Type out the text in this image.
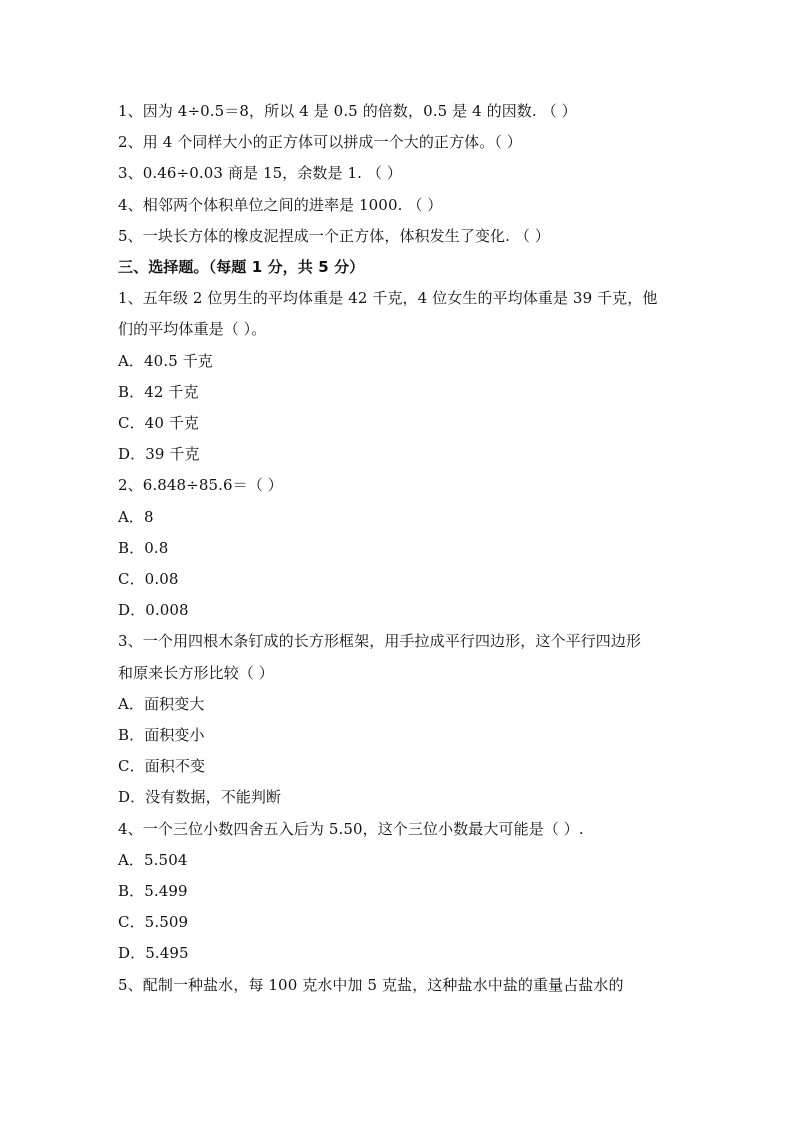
1、因为 4÷0.5＝8，所以 4 是 0.5 的倍数，0.5 是 4 的因数. （ ）
2、用 4 个同样大小的正方体可以拼成一个大的正方体。（ ）
3、0.46÷0.03 商是 15，余数是 1. （ ）
4、相邻两个体积单位之间的进率是 1000. （ ）
5、一块长方体的橡皮泥捏成一个正方体，体积发生了变化. （ ）
三、选择题。（每题 1 分，共 5 分）
1、五年级 2 位男生的平均体重是 42 千克，4 位女生的平均体重是 39 千克，他
们的平均体重是（ ）。
A．40.5 千克
B．42 千克
C．40 千克
D．39 千克
2、6.848÷85.6＝（ ）
A．8
B．0.8
C．0.08
D．0.008
3、一个用四根木条钉成的长方形框架，用手拉成平行四边形，这个平行四边形
和原来长方形比较（ ）
A．面积变大
B．面积变小
C．面积不变
D．没有数据，不能判断
4、一个三位小数四舍五入后为 5.50，这个三位小数最大可能是（ ）.
A．5.504
B．5.499
C．5.509
D．5.495
5、配制一种盐水，每 100 克水中加 5 克盐，这种盐水中盐的重量占盐水的
